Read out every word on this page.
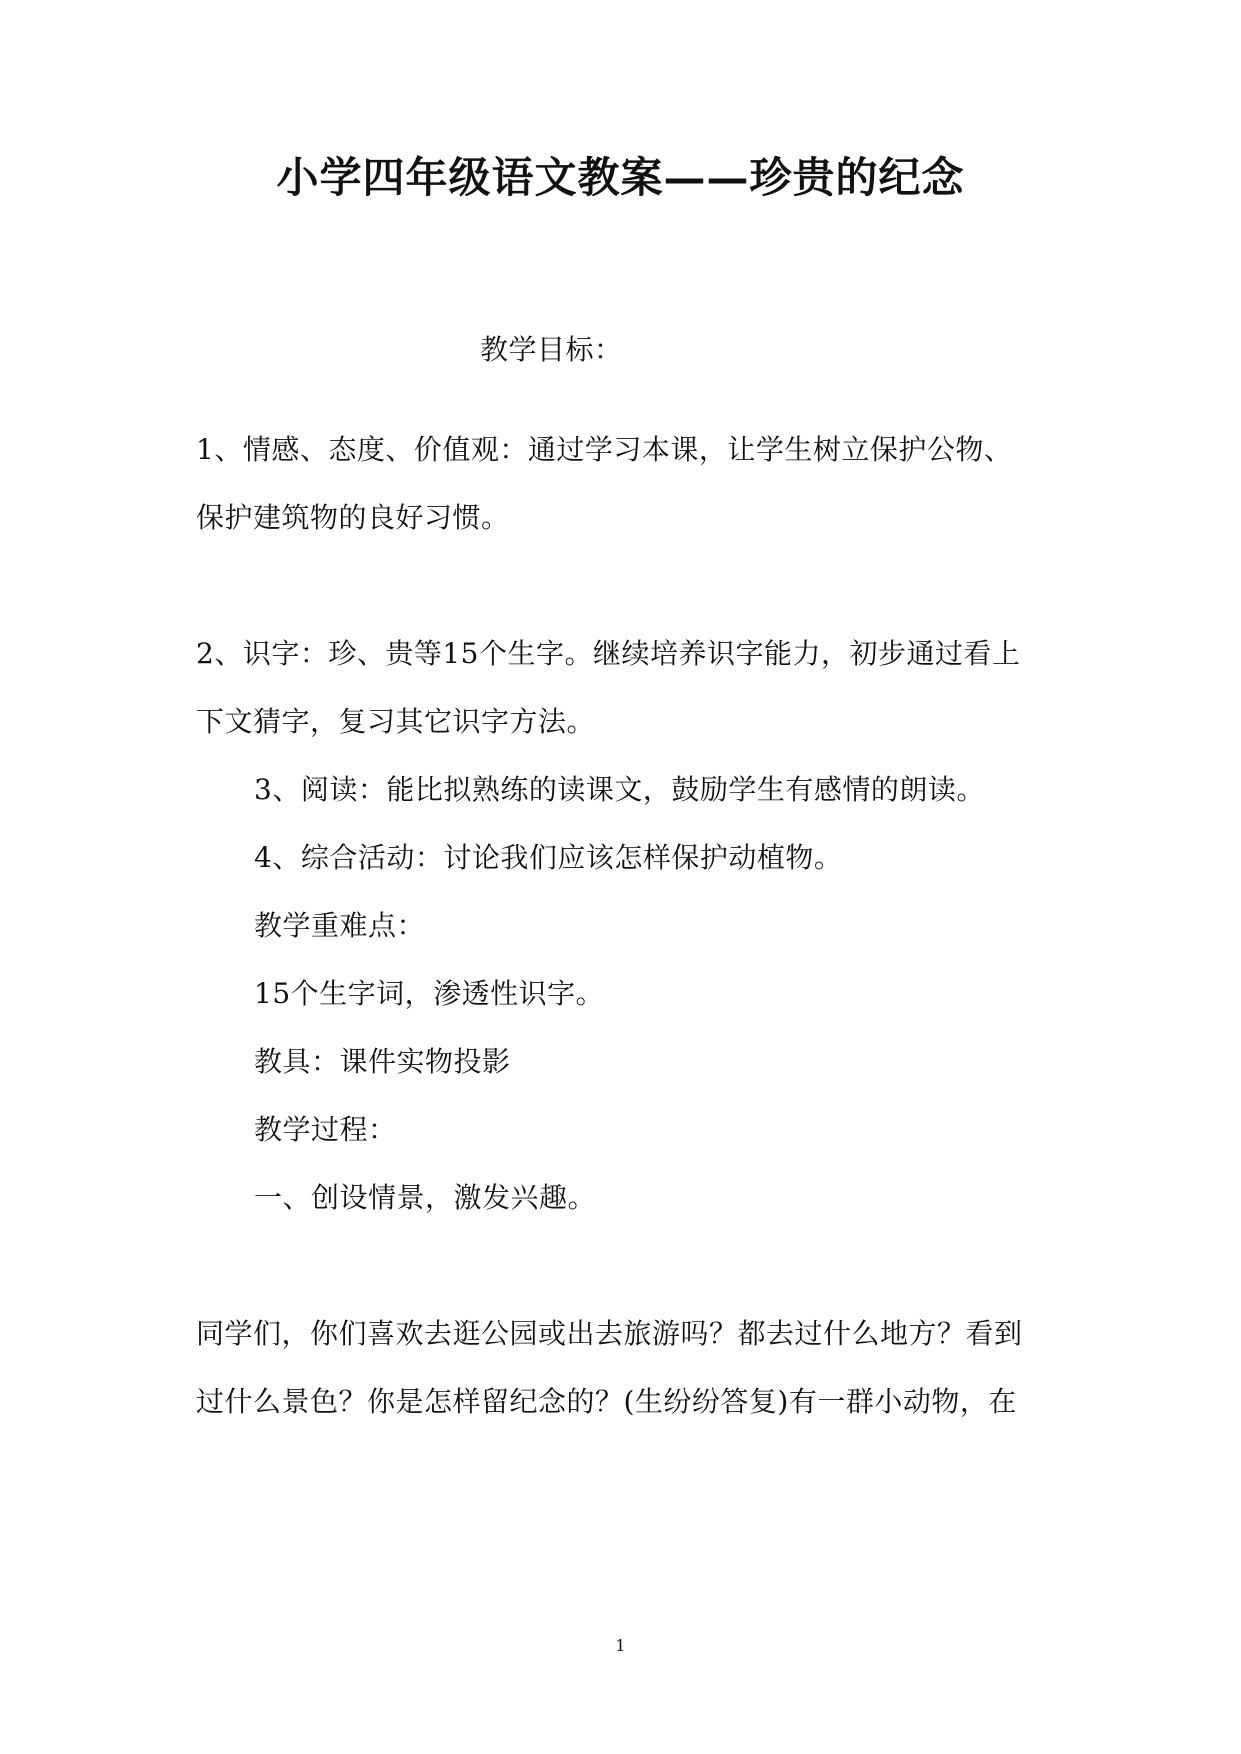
小学四年级语文教案——珍贵的纪念
教学目标：
1、情感、态度、价值观：通过学习本课，让学生树立保护公物、
保护建筑物的良好习惯。
2、识字：珍、贵等15个生字。继续培养识字能力，初步通过看上
下文猜字，复习其它识字方法。
3、阅读：能比拟熟练的读课文，鼓励学生有感情的朗读。
4、综合活动：讨论我们应该怎样保护动植物。
教学重难点：
15个生字词，渗透性识字。
教具：课件实物投影
教学过程：
一、创设情景，激发兴趣。
同学们，你们喜欢去逛公园或出去旅游吗？都去过什么地方？看到
过什么景色？你是怎样留纪念的？(生纷纷答复)有一群小动物，在
1
